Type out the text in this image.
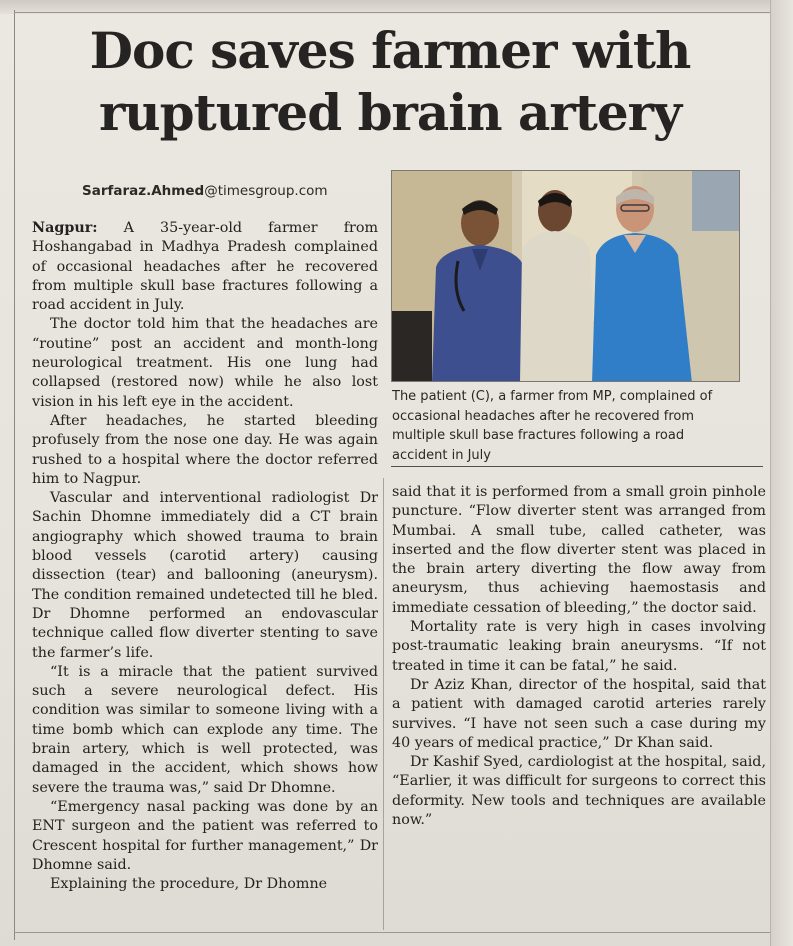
Doc saves farmer with
ruptured brain artery
Sarfaraz.Ahmed@timesgroup.com
The patient (C), a farmer from MP, complained of occasional headaches after he recovered from multiple skull base fractures following a road accident in July

Nagpur: A 35-year-old farmer from Hoshangabad in Madhya Pradesh complained of occasional headaches after he recovered from multiple skull base fractures following a road accident in July.

The doctor told him that the headaches are “routine” post an accident and month-long neurological treatment. His one lung had collapsed (restored now) while he also lost vision in his left eye in the accident.

After headaches, he started bleeding profusely from the nose one day. He was again rushed to a hospital where the doctor referred him to Nagpur.

Vascular and interventional radiologist Dr Sachin Dhomne immediately did a CT brain angiography which showed trauma to brain blood vessels (carotid artery) causing dissection (tear) and ballooning (aneurysm). The condition remained undetected till he bled. Dr Dhomne performed an endovascular technique called flow diverter stenting to save the farmer’s life.

“It is a miracle that the patient survived such a severe neurological defect. His condition was similar to someone living with a time bomb which can explode any time. The brain artery, which is well protected, was damaged in the accident, which shows how severe the trauma was,” said Dr Dhomne.

“Emergency nasal packing was done by an ENT surgeon and the patient was referred to Crescent hospital for further management,” Dr Dhomne said.

Explaining the procedure, Dr Dhomne

said that it is performed from a small groin pinhole puncture. “Flow diverter stent was arranged from Mumbai. A small tube, called catheter, was inserted and the flow diverter stent was placed in the brain artery diverting the flow away from aneurysm, thus achieving haemostasis and immediate cessation of bleeding,” the doctor said.

Mortality rate is very high in cases involving post-traumatic leaking brain aneurysms. “If not treated in time it can be fatal,” he said.

Dr Aziz Khan, director of the hospital, said that a patient with damaged carotid arteries rarely survives. “I have not seen such a case during my 40 years of medical practice,” Dr Khan said.

Dr Kashif Syed, cardiologist at the hospital, said, “Earlier, it was difficult for surgeons to correct this deformity. New tools and techniques are available now.”
